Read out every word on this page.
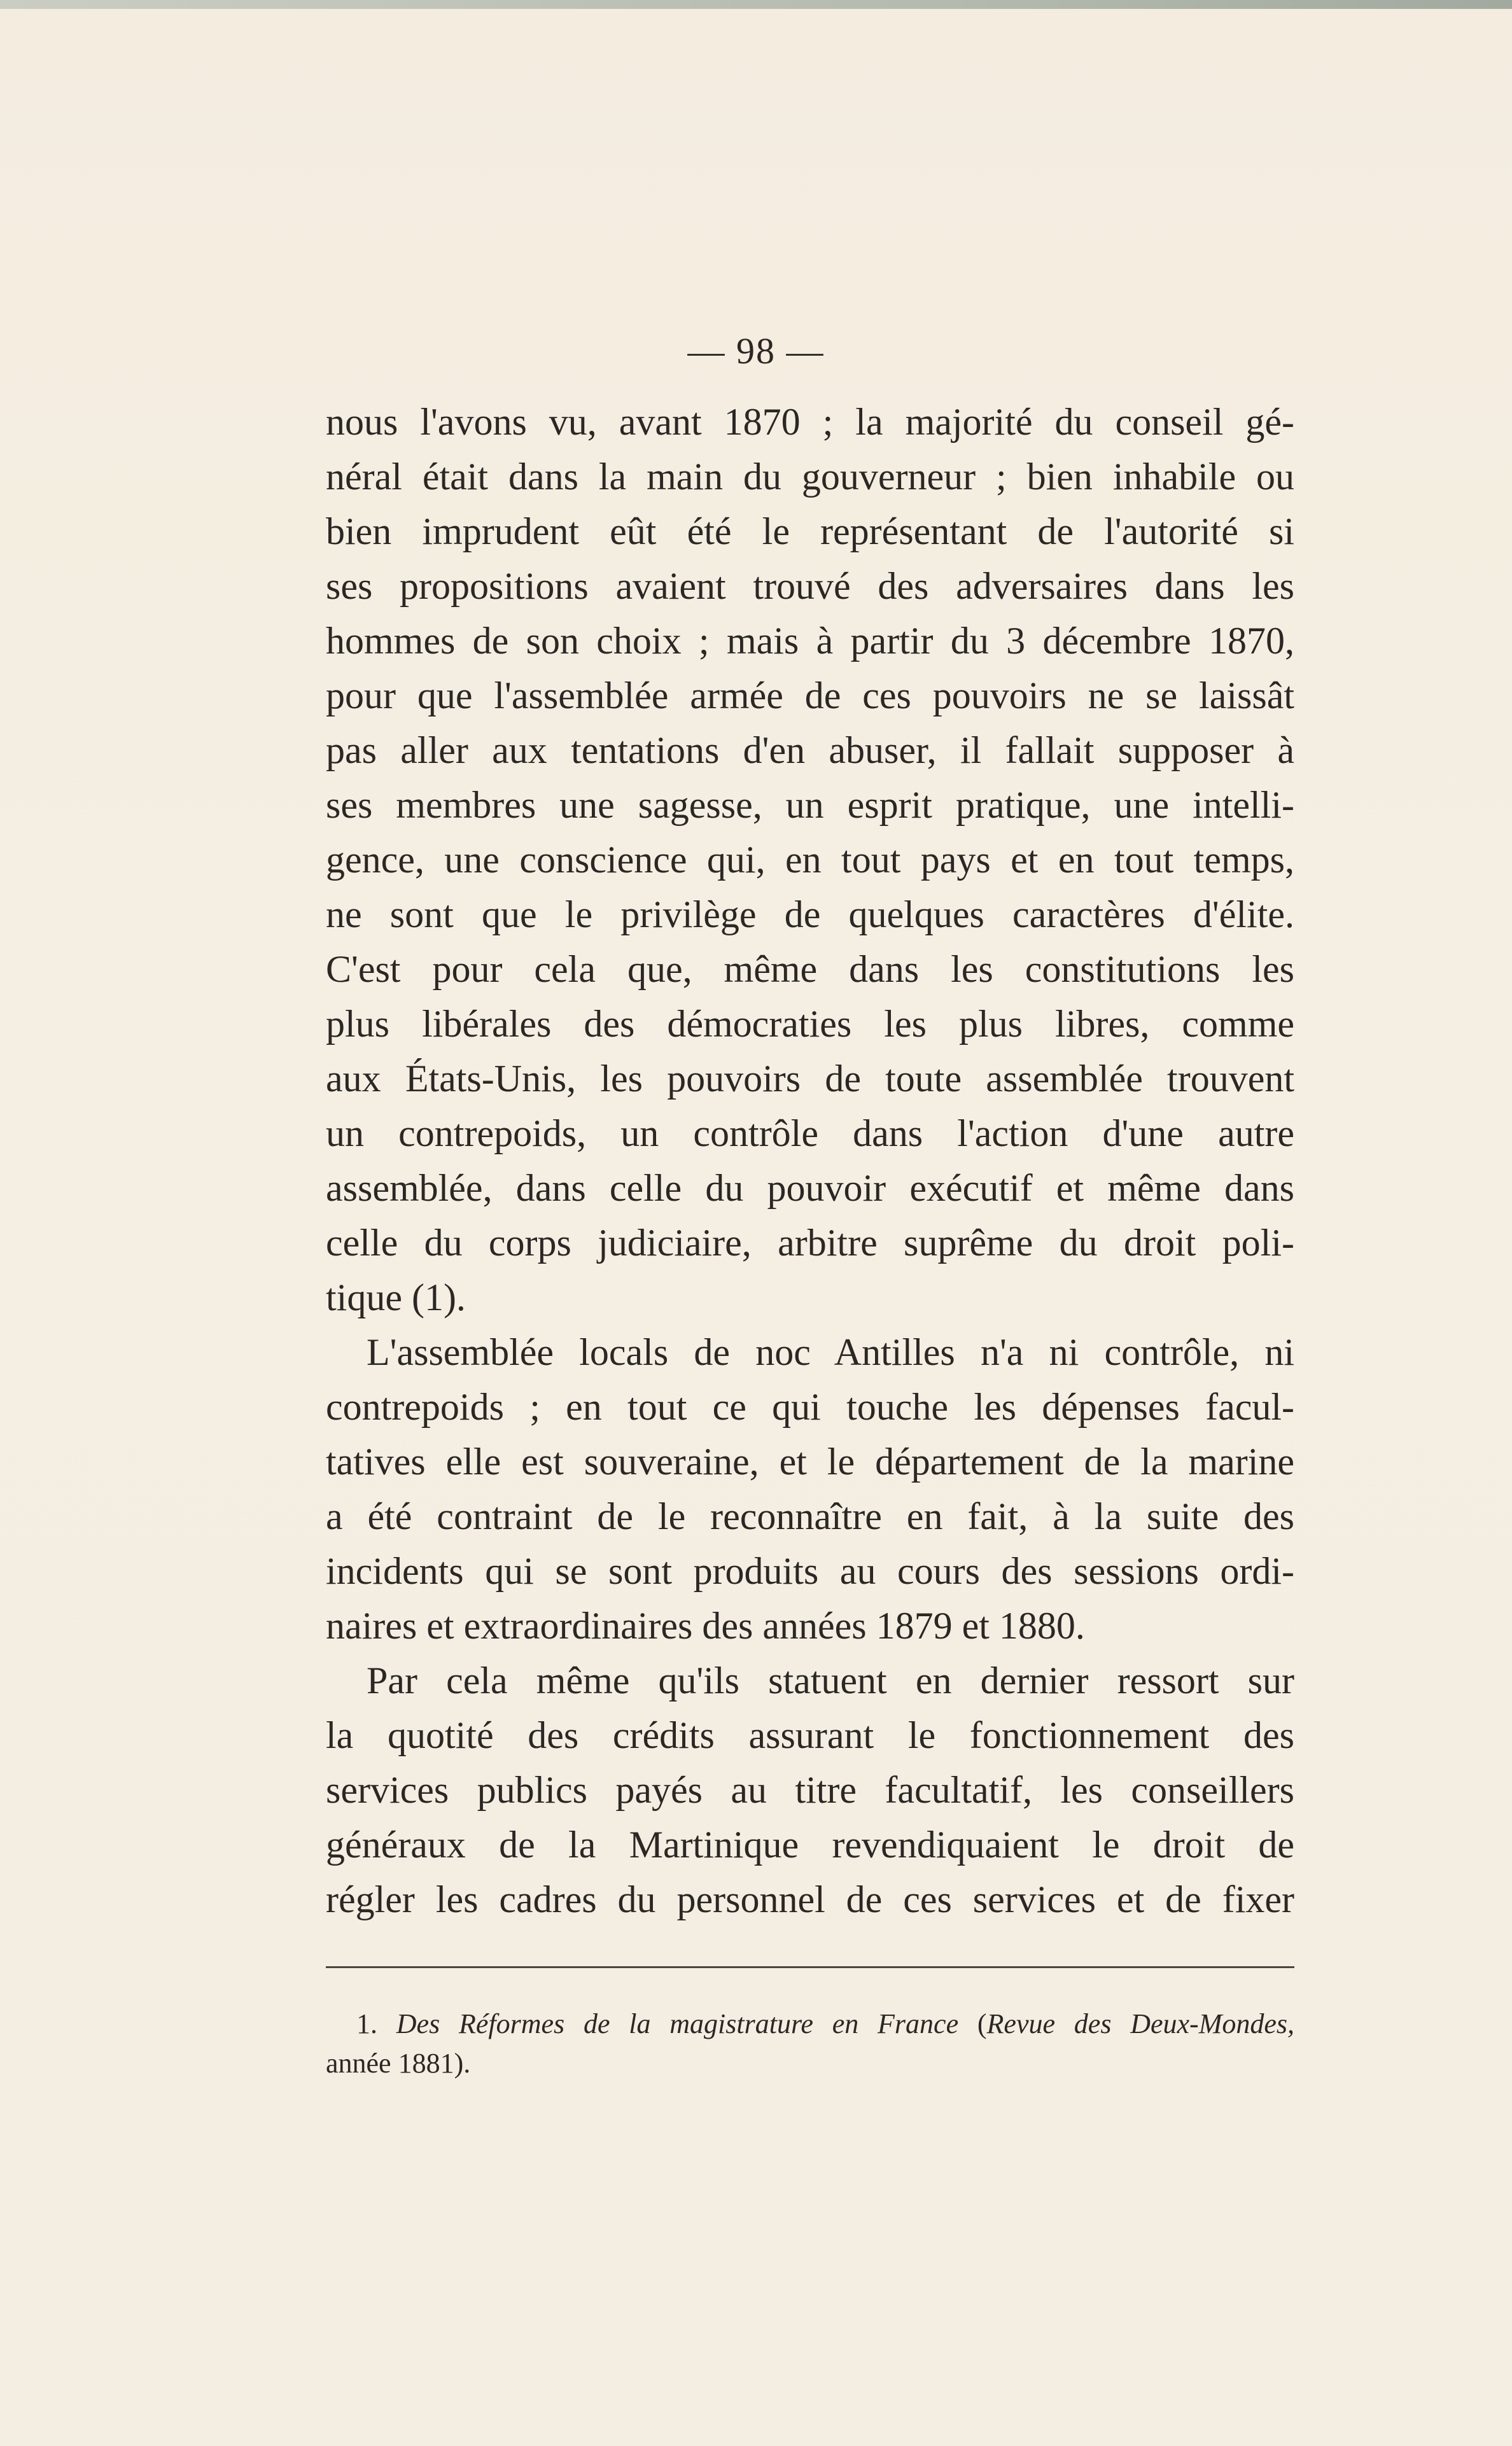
— 98 —
nous l'avons vu, avant 1870 ; la majorité du conseil gé-
néral était dans la main du gouverneur ; bien inhabile ou
bien imprudent eût été le représentant de l'autorité si
ses propositions avaient trouvé des adversaires dans les
hommes de son choix ; mais à partir du 3 décembre 1870,
pour que l'assemblée armée de ces pouvoirs ne se laissât
pas aller aux tentations d'en abuser, il fallait supposer à
ses membres une sagesse, un esprit pratique, une intelli-
gence, une conscience qui, en tout pays et en tout temps,
ne sont que le privilège de quelques caractères d'élite.
C'est pour cela que, même dans les constitutions les
plus libérales des démocraties les plus libres, comme
aux États-Unis, les pouvoirs de toute assemblée trouvent
un contrepoids, un contrôle dans l'action d'une autre
assemblée, dans celle du pouvoir exécutif et même dans
celle du corps judiciaire, arbitre suprême du droit poli-
tique (1).
L'assemblée locals de noc Antilles n'a ni contrôle, ni
contrepoids ; en tout ce qui touche les dépenses facul-
tatives elle est souveraine, et le département de la marine
a été contraint de le reconnaître en fait, à la suite des
incidents qui se sont produits au cours des sessions ordi-
naires et extraordinaires des années 1879 et 1880.
Par cela même qu'ils statuent en dernier ressort sur
la quotité des crédits assurant le fonctionnement des
services publics payés au titre facultatif, les conseillers
généraux de la Martinique revendiquaient le droit de
régler les cadres du personnel de ces services et de fixer
1. Des Réformes de la magistrature en France (Revue des Deux-Mondes,
année 1881).
